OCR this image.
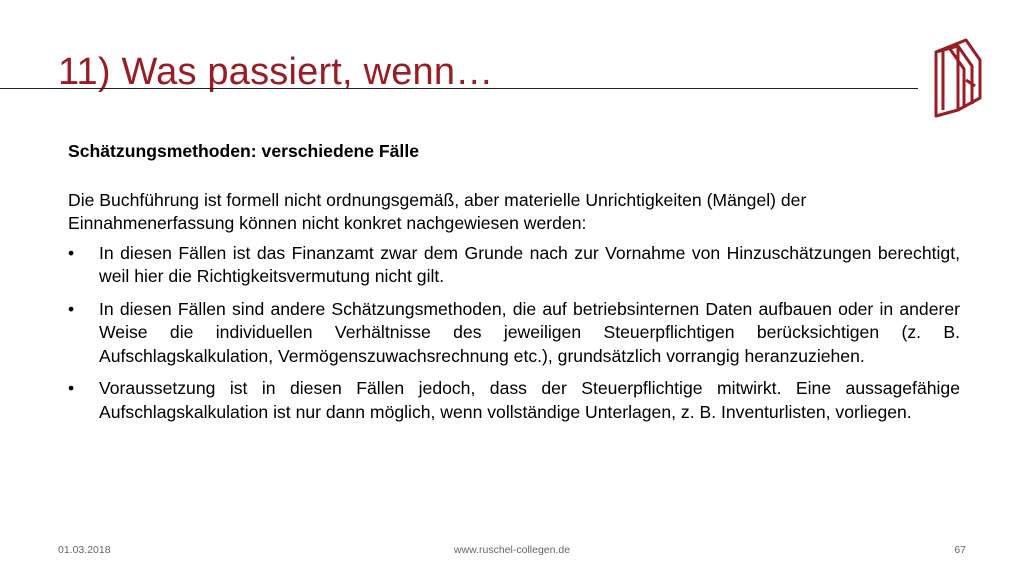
11) Was passiert, wenn…

Schätzungsmethoden: verschiedene Fälle

Die Buchführung ist formell nicht ordnungsgemäß, aber materielle Unrichtigkeiten (Mängel) der Einnahmenerfassung können nicht konkret nachgewiesen werden:

•	In diesen Fällen ist das Finanzamt zwar dem Grunde nach zur Vornahme von Hinzuschätzungen berechtigt, weil hier die Richtigkeitsvermutung nicht gilt.
•	In diesen Fällen sind andere Schätzungsmethoden, die auf betriebsinternen Daten aufbauen oder in anderer Weise die individuellen Verhältnisse des jeweiligen Steuerpflichtigen berücksichtigen (z. B. Aufschlagskalkulation, Vermögenszuwachsrechnung etc.), grundsätzlich vorrangig heranzuziehen.
•	Voraussetzung ist in diesen Fällen jedoch, dass der Steuerpflichtige mitwirkt. Eine aussagefähige Aufschlagskalkulation ist nur dann möglich, wenn vollständige Unterlagen, z. B. Inventurlisten, vorliegen.
01.03.2018	www.ruschel-collegen.de	67
